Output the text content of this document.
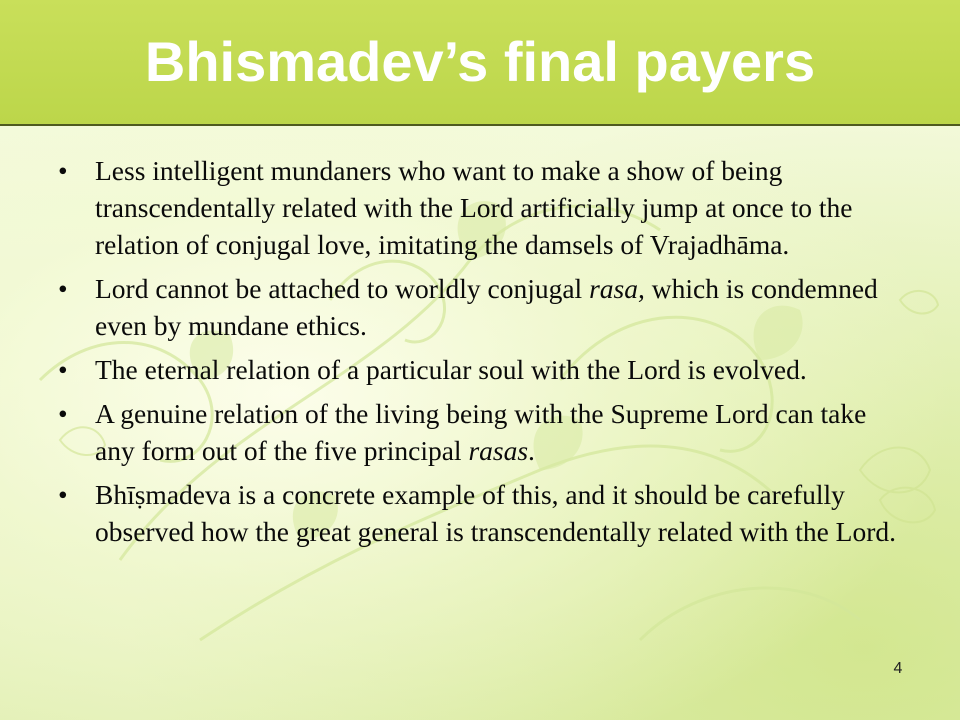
Bhismadev’s final payers
• Less intelligent mundaners who want to make a show of being transcendentally related with the Lord artificially jump at once to the relation of conjugal love, imitating the damsels of Vrajadhāma.
• Lord cannot be attached to worldly conjugal rasa, which is condemned even by mundane ethics.
• The eternal relation of a particular soul with the Lord is evolved.
• A genuine relation of the living being with the Supreme Lord can take any form out of the five principal rasas.
• Bhīṣmadeva is a concrete example of this, and it should be carefully observed how the great general is transcendentally related with the Lord.
4
